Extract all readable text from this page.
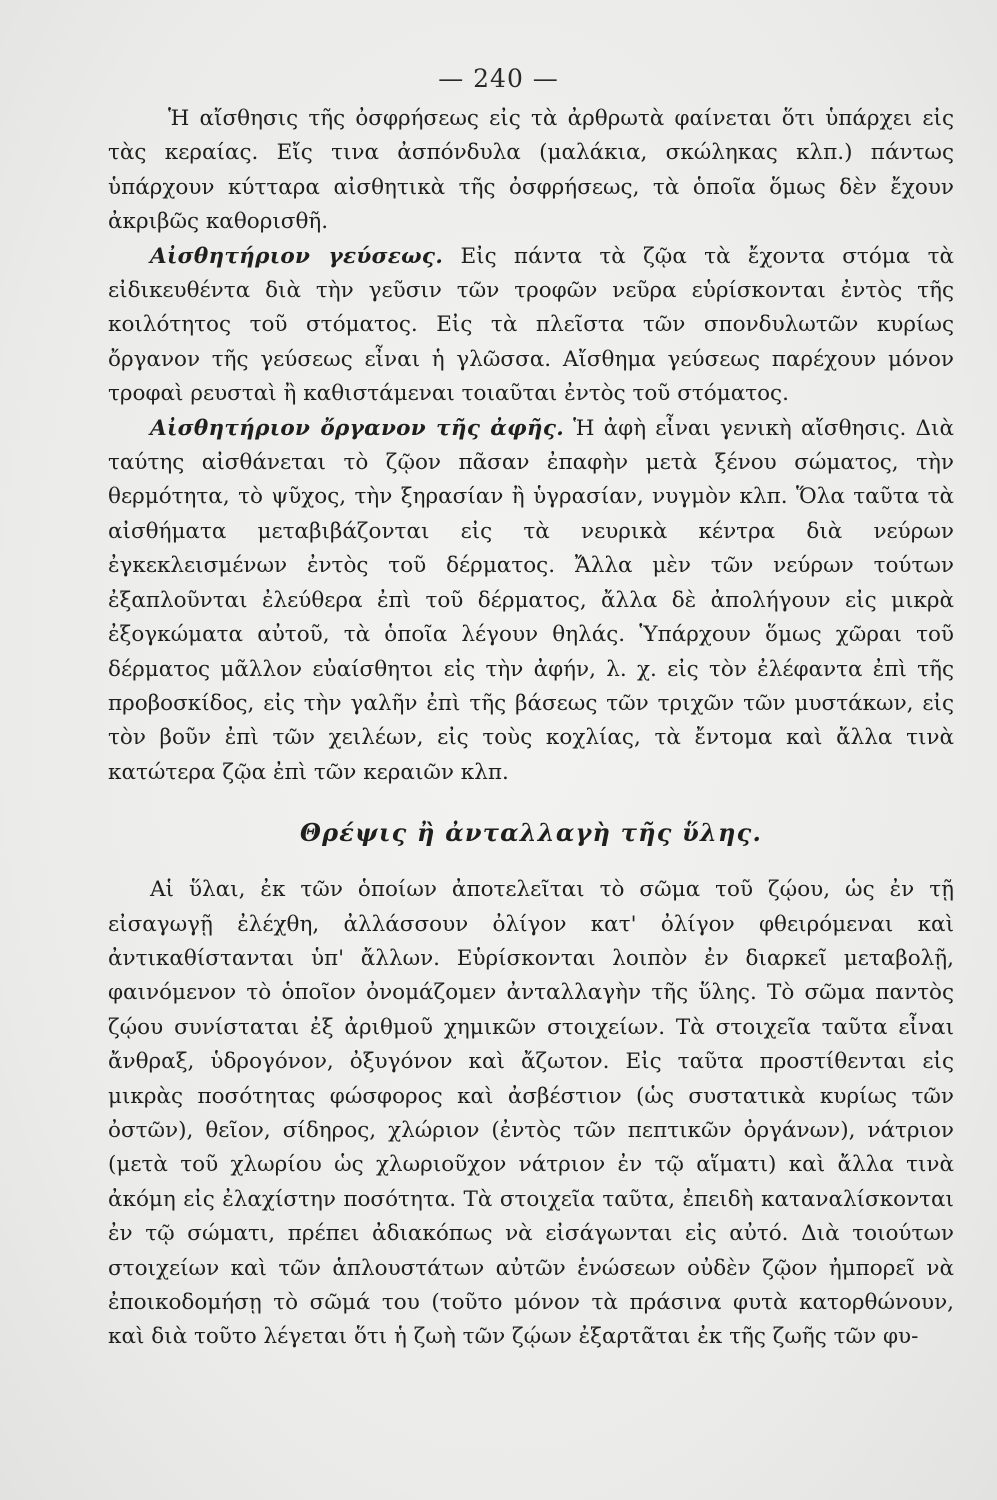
— 240 —

Ἡ αἴσθησις τῆς ὀσφρήσεως εἰς τὰ ἀρθρωτὰ φαίνεται ὅτι ὑπάρχει εἰς τὰς κεραίας. Εἴς τινα ἀσπόνδυλα (μαλάκια, σκώληκας κλπ.) πάντως ὑπάρχουν κύτταρα αἰσθητικὰ τῆς ὀσφρήσεως, τὰ ὁποῖα ὅμως δὲν ἔχουν ἀκριβῶς καθορισθῆ.

Αἰσθητήριον γεύσεως. Εἰς πάντα τὰ ζῷα τὰ ἔχοντα στόμα τὰ εἰδικευθέντα διὰ τὴν γεῦσιν τῶν τροφῶν νεῦρα εὑρίσκονται ἐντὸς τῆς κοιλότητος τοῦ στόματος. Εἰς τὰ πλεῖστα τῶν σπονδυλωτῶν κυρίως ὄργανον τῆς γεύσεως εἶναι ἡ γλῶσσα. Αἴσθημα γεύσεως παρέχουν μόνον τροφαὶ ρευσταὶ ἢ καθιστάμεναι τοιαῦται ἐντὸς τοῦ στόματος.

Αἰσθητήριον ὄργανον τῆς ἀφῆς. Ἡ ἀφὴ εἶναι γενικὴ αἴσθησις. Διὰ ταύτης αἰσθάνεται τὸ ζῷον πᾶσαν ἐπαφὴν μετὰ ξένου σώματος, τὴν θερμότητα, τὸ ψῦχος, τὴν ξηρασίαν ἢ ὑγρασίαν, νυγμὸν κλπ. Ὅλα ταῦτα τὰ αἰσθήματα μεταβιβάζονται εἰς τὰ νευρικὰ κέντρα διὰ νεύρων ἐγκεκλεισμένων ἐντὸς τοῦ δέρματος. Ἄλλα μὲν τῶν νεύρων τούτων ἐξαπλοῦνται ἐλεύθερα ἐπὶ τοῦ δέρματος, ἄλλα δὲ ἀπολήγουν εἰς μικρὰ ἐξογκώματα αὐτοῦ, τὰ ὁποῖα λέγουν θηλάς. Ὑπάρχουν ὅμως χῶραι τοῦ δέρματος μᾶλλον εὐαίσθητοι εἰς τὴν ἀφήν, λ. χ. εἰς τὸν ἐλέφαντα ἐπὶ τῆς προβοσκίδος, εἰς τὴν γαλῆν ἐπὶ τῆς βάσεως τῶν τριχῶν τῶν μυστάκων, εἰς τὸν βοῦν ἐπὶ τῶν χειλέων, εἰς τοὺς κοχλίας, τὰ ἔντομα καὶ ἄλλα τινὰ κατώτερα ζῷα ἐπὶ τῶν κεραιῶν κλπ.

Θρέψις ἢ ἀνταλλαγὴ τῆς ὕλης.

Αἱ ὕλαι, ἐκ τῶν ὁποίων ἀποτελεῖται τὸ σῶμα τοῦ ζῴου, ὡς ἐν τῇ εἰσαγωγῇ ἐλέχθη, ἀλλάσσουν ὀλίγον κατ' ὀλίγον φθειρόμεναι καὶ ἀντικαθίστανται ὑπ' ἄλλων. Εὑρίσκονται λοιπὸν ἐν διαρκεῖ μεταβολῇ, φαινόμενον τὸ ὁποῖον ὀνομάζομεν ἀνταλλαγὴν τῆς ὕλης. Τὸ σῶμα παντὸς ζῴου συνίσταται ἐξ ἀριθμοῦ χημικῶν στοιχείων. Τὰ στοιχεῖα ταῦτα εἶναι ἄνθραξ, ὑδρογόνον, ὀξυγόνον καὶ ἄζωτον. Εἰς ταῦτα προστίθενται εἰς μικρὰς ποσότητας φώσφορος καὶ ἀσβέστιον (ὡς συστατικὰ κυρίως τῶν ὀστῶν), θεῖον, σίδηρος, χλώριον (ἐντὸς τῶν πεπτικῶν ὀργάνων), νάτριον (μετὰ τοῦ χλωρίου ὡς χλωριοῦχον νάτριον ἐν τῷ αἵματι) καὶ ἄλλα τινὰ ἀκόμη εἰς ἐλαχίστην ποσότητα. Τὰ στοιχεῖα ταῦτα, ἐπειδὴ καταναλίσκονται ἐν τῷ σώματι, πρέπει ἀδιακόπως νὰ εἰσάγωνται εἰς αὐτό. Διὰ τοιούτων στοιχείων καὶ τῶν ἁπλουστάτων αὐτῶν ἑνώσεων οὐδὲν ζῷον ἠμπορεῖ νὰ ἐποικοδομήσῃ τὸ σῶμά του (τοῦτο μόνον τὰ πράσινα φυτὰ κατορθώνουν, καὶ διὰ τοῦτο λέγεται ὅτι ἡ ζωὴ τῶν ζῴων ἐξαρτᾶται ἐκ τῆς ζωῆς τῶν φυ-
